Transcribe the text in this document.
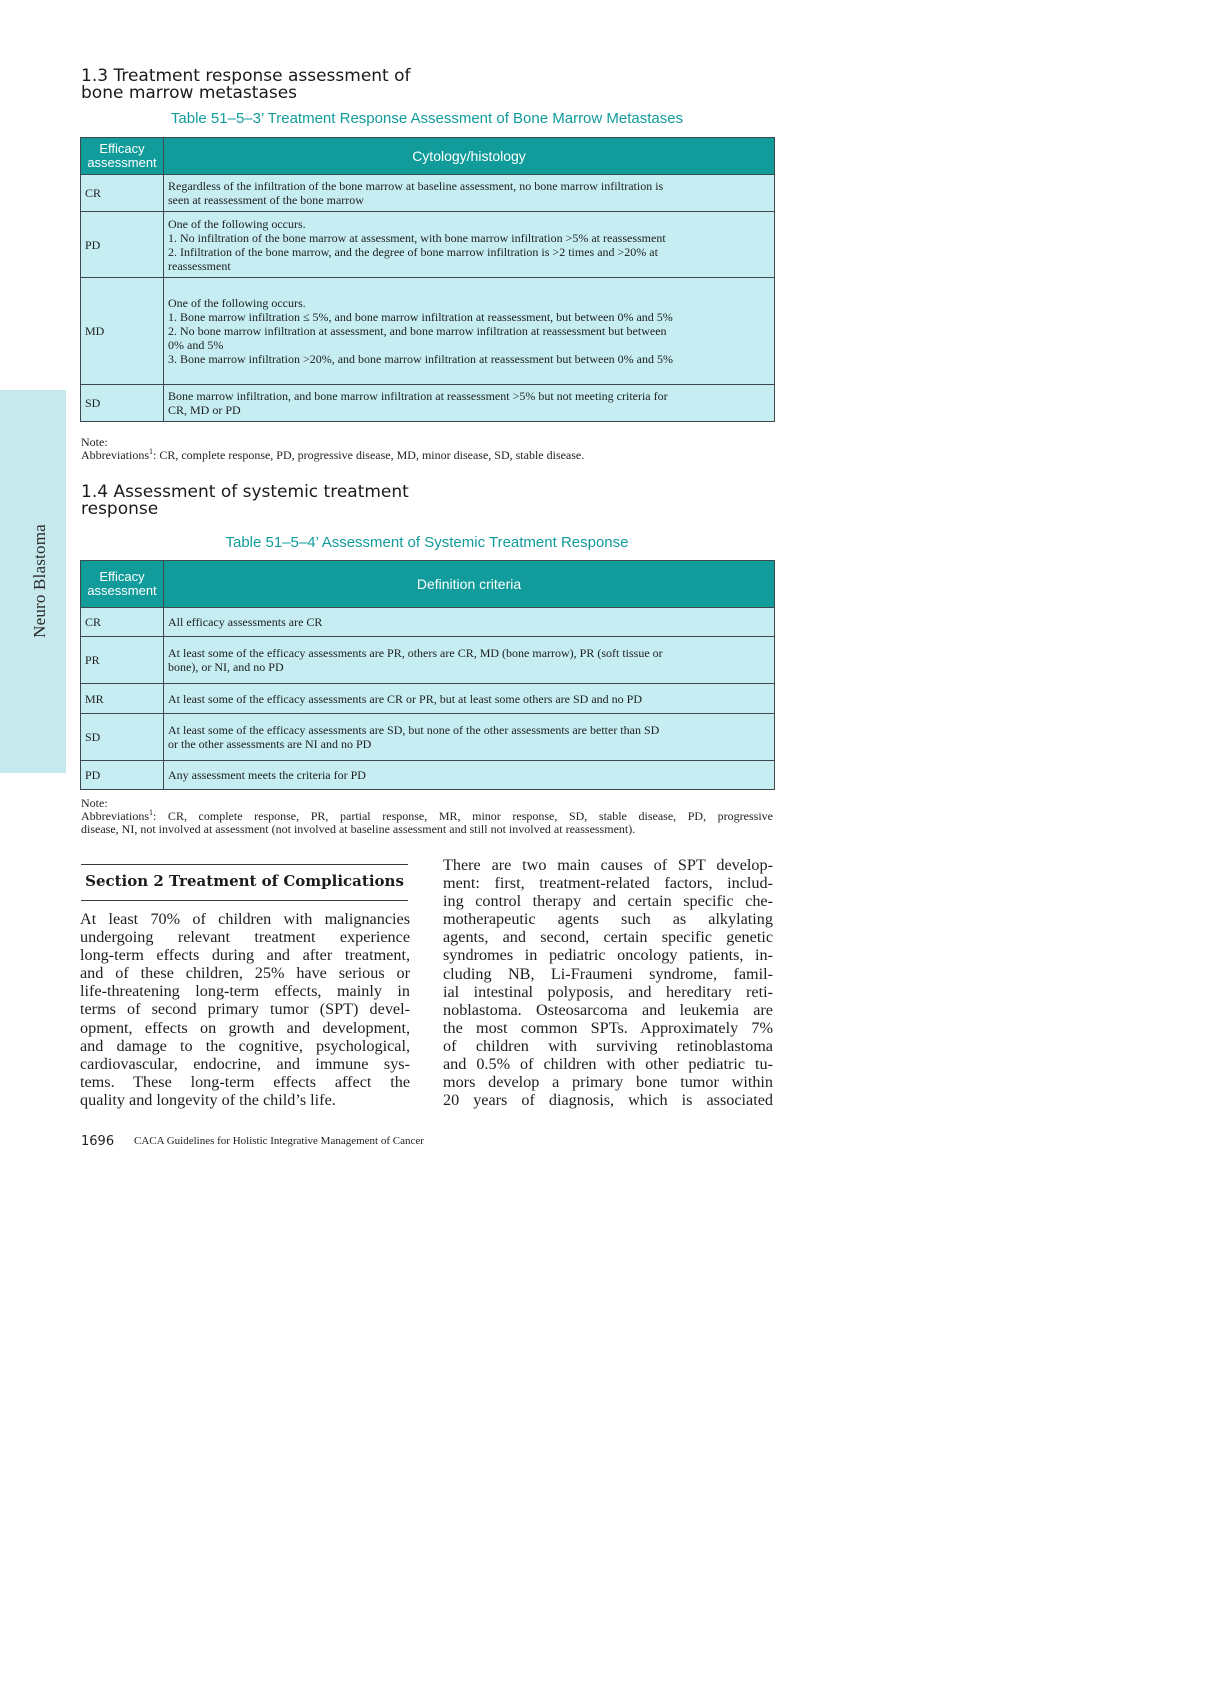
Neuro Blastoma
1.3 Treatment response assessment of
bone marrow metastases
Table 51–5–3’ Treatment Response Assessment of Bone Marrow Metastases
Efficacy
assessment	Cytology/histology
CR	Regardless of the infiltration of the bone marrow at baseline assessment, no bone marrow infiltration is
seen at reassessment of the bone marrow

PD	One of the following occurs.
1. No infiltration of the bone marrow at assessment, with bone marrow infiltration >5% at reassessment
2. Infiltration of the bone marrow, and the degree of bone marrow infiltration is >2 times and >20% at
reassessment

MD	One of the following occurs.
1. Bone marrow infiltration ≤ 5%, and bone marrow infiltration at reassessment, but between 0% and 5%
2. No bone marrow infiltration at assessment, and bone marrow infiltration at reassessment but between
0% and 5%
3. Bone marrow infiltration >20%, and bone marrow infiltration at reassessment but between 0% and 5%

SD	Bone marrow infiltration, and bone marrow infiltration at reassessment >5% but not meeting criteria for
CR, MD or PD
Note:
Abbreviations$^1$: CR, complete response, PD, progressive disease, MD, minor disease, SD, stable disease.
1.4 Assessment of systemic treatment
response
Table 51–5–4’ Assessment of Systemic Treatment Response
Efficacy
assessment	Definition criteria
CR	All efficacy assessments are CR

PR	At least some of the efficacy assessments are PR, others are CR, MD (bone marrow), PR (soft tissue or
bone), or NI, and no PD

MR	At least some of the efficacy assessments are CR or PR, but at least some others are SD and no PD

SD	At least some of the efficacy assessments are SD, but none of the other assessments are better than SD
or the other assessments are NI and no PD

PD	Any assessment meets the criteria for PD
Note:
Abbreviations$^1$: CR, complete response, PR, partial response, MR, minor response, SD, stable disease, PD, progressive
disease, NI, not involved at assessment (not involved at baseline assessment and still not involved at reassessment).
Section 2 Treatment of Complications
At least 70% of children with malignancies
undergoing relevant treatment experience
long-term effects during and after treatment,
and of these children, 25% have serious or
life-threatening long-term effects, mainly in
terms of second primary tumor (SPT) devel-
opment, effects on growth and development,
and damage to the cognitive, psychological,
cardiovascular, endocrine, and immune sys-
tems. These long-term effects affect the
quality and longevity of the child’s life.
There are two main causes of SPT develop-
ment: first, treatment-related factors, includ-
ing control therapy and certain specific che-
motherapeutic agents such as alkylating
agents, and second, certain specific genetic
syndromes in pediatric oncology patients, in-
cluding NB, Li-Fraumeni syndrome, famil-
ial intestinal polyposis, and hereditary reti-
noblastoma. Osteosarcoma and leukemia are
the most common SPTs. Approximately 7%
of children with surviving retinoblastoma
and 0.5% of children with other pediatric tu-
mors develop a primary bone tumor within
20 years of diagnosis, which is associated
1696 CACA Guidelines for Holistic Integrative Management of Cancer
